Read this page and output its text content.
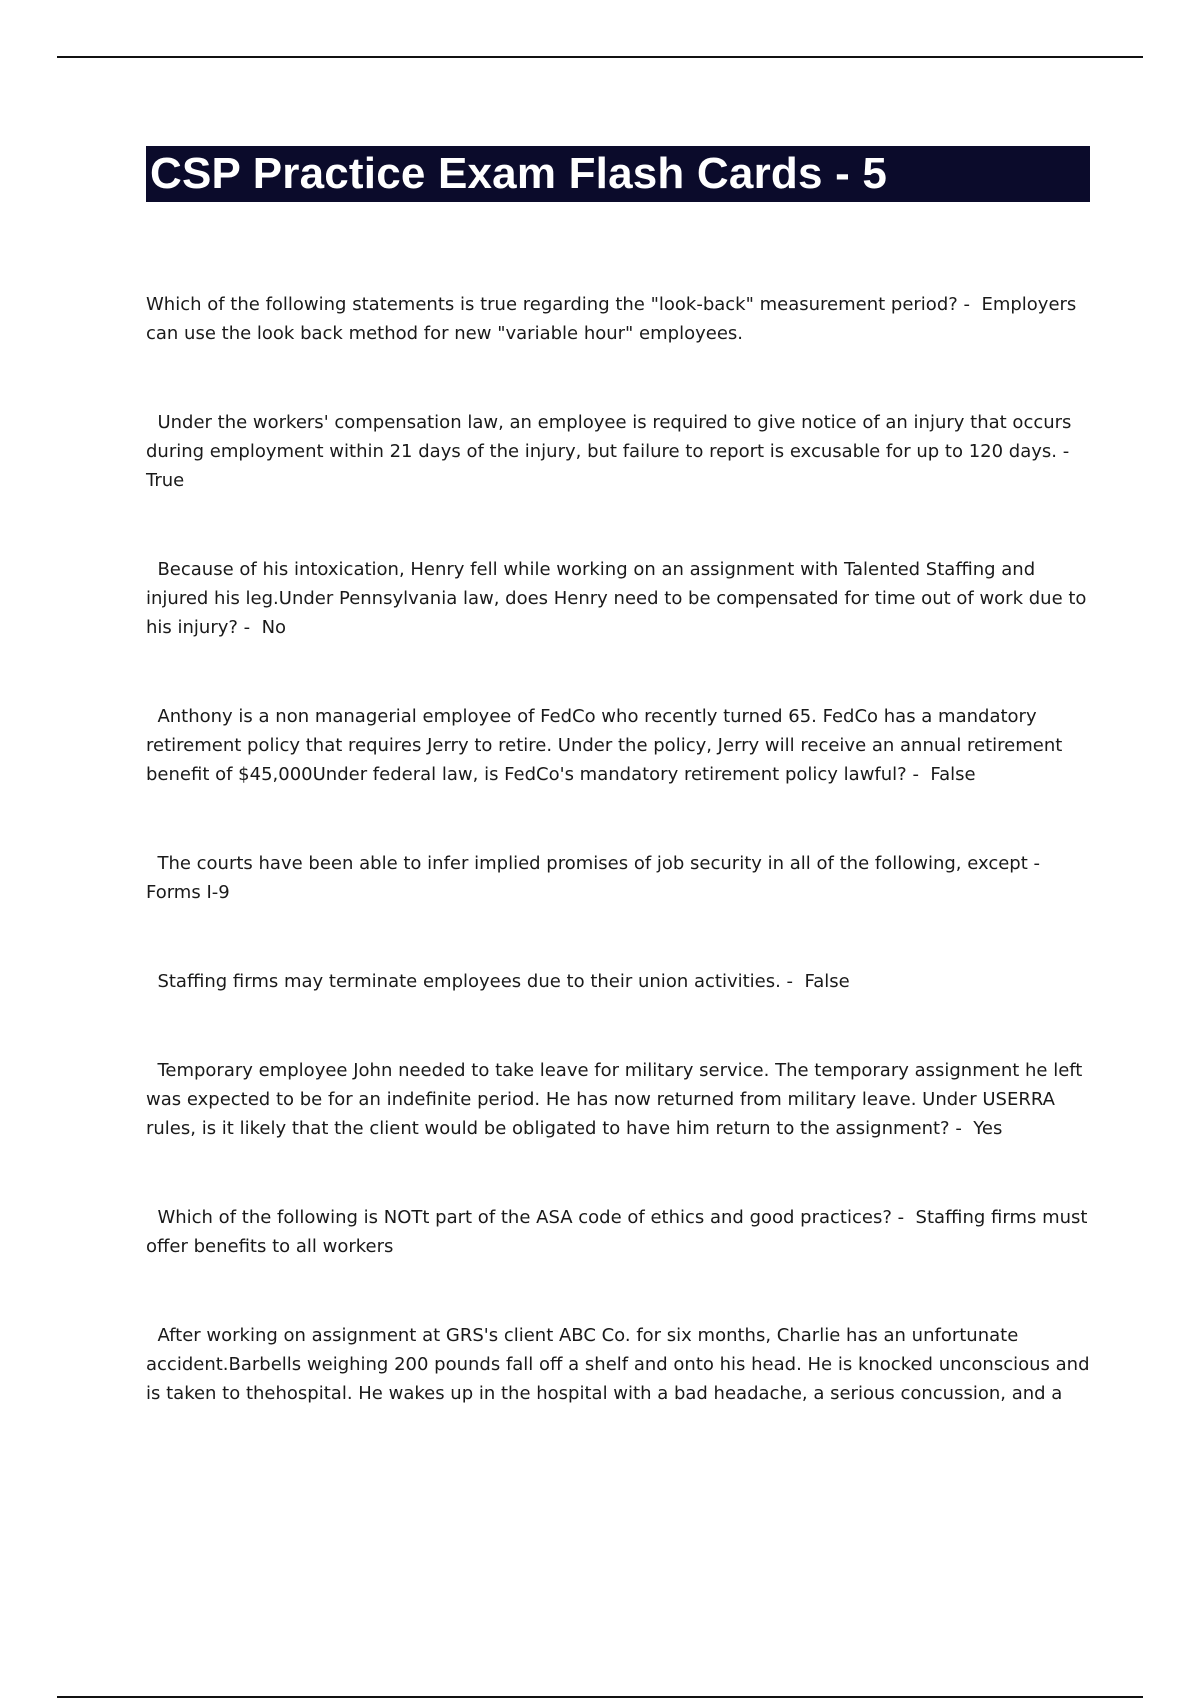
CSP Practice Exam Flash Cards - 5

Which of the following statements is true regarding the "look-back" measurement period? -  Employers can use the look back method for new "variable hour" employees.

Under the workers' compensation law, an employee is required to give notice of an injury that occurs during employment within 21 days of the injury, but failure to report is excusable for up to 120 days. - True

Because of his intoxication, Henry fell while working on an assignment with Talented Staffing and injured his leg.Under Pennsylvania law, does Henry need to be compensated for time out of work due to his injury? -  No

Anthony is a non managerial employee of FedCo who recently turned 65. FedCo has a mandatory retirement policy that requires Jerry to retire. Under the policy, Jerry will receive an annual retirement benefit of $45,000Under federal law, is FedCo's mandatory retirement policy lawful? -  False

The courts have been able to infer implied promises of job security in all of the following, except - Forms I-9

Staffing firms may terminate employees due to their union activities. -  False

Temporary employee John needed to take leave for military service. The temporary assignment he left was expected to be for an indefinite period. He has now returned from military leave. Under USERRA rules, is it likely that the client would be obligated to have him return to the assignment? -  Yes

Which of the following is NOTt part of the ASA code of ethics and good practices? -  Staffing firms must offer benefits to all workers

After working on assignment at GRS's client ABC Co. for six months, Charlie has an unfortunate accident.Barbells weighing 200 pounds fall off a shelf and onto his head. He is knocked unconscious and is taken to thehospital. He wakes up in the hospital with a bad headache, a serious concussion, and a
